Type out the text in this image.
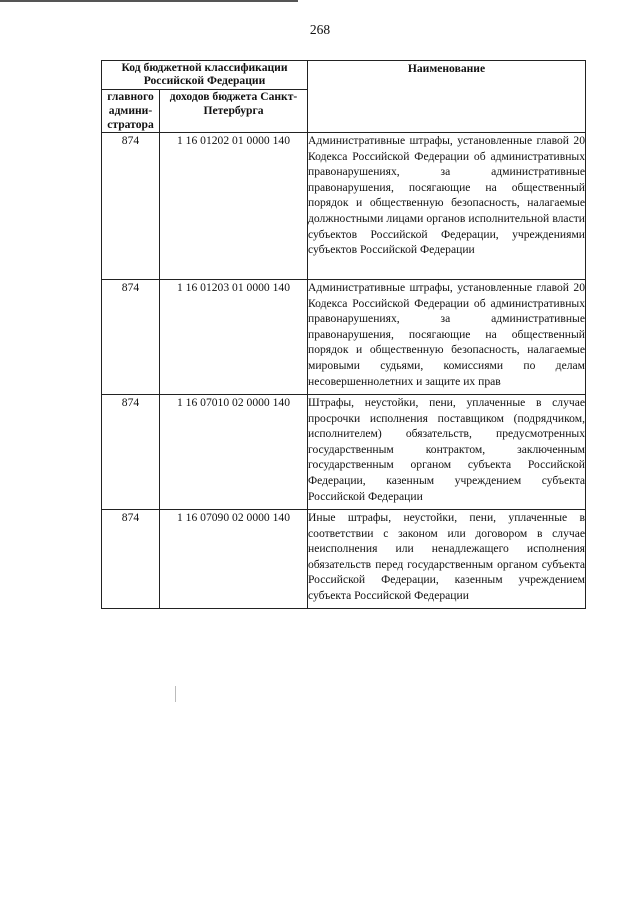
268
Код бюджетной классификации Российской Федерации		Наименование
главного админи-стратора	доходов бюджета Санкт-Петербурга	
874	1 16 01202 01 0000 140	Административные штрафы, установленные главой 20 Кодекса Российской Федерации об административных правонарушениях, за административные правонарушения, посягающие на общественный порядок и общественную безопасность, налагаемые должностными лицами органов исполнительной власти субъектов Российской Федерации, учреждениями субъектов Российской Федерации
874	1 16 01203 01 0000 140	Административные штрафы, установленные главой 20 Кодекса Российской Федерации об административных правонарушениях, за административные правонарушения, посягающие на общественный порядок и общественную безопасность, налагаемые мировыми судьями, комиссиями по делам несовершеннолетних и защите их прав
874	1 16 07010 02 0000 140	Штрафы, неустойки, пени, уплаченные в случае просрочки исполнения поставщиком (подрядчиком, исполнителем) обязательств, предусмотренных государственным контрактом, заключенным государственным органом субъекта Российской Федерации, казенным учреждением субъекта Российской Федерации
874	1 16 07090 02 0000 140	Иные штрафы, неустойки, пени, уплаченные в соответствии с законом или договором в случае неисполнения или ненадлежащего исполнения обязательств перед государственным органом субъекта Российской Федерации, казенным учреждением субъекта Российской Федерации
